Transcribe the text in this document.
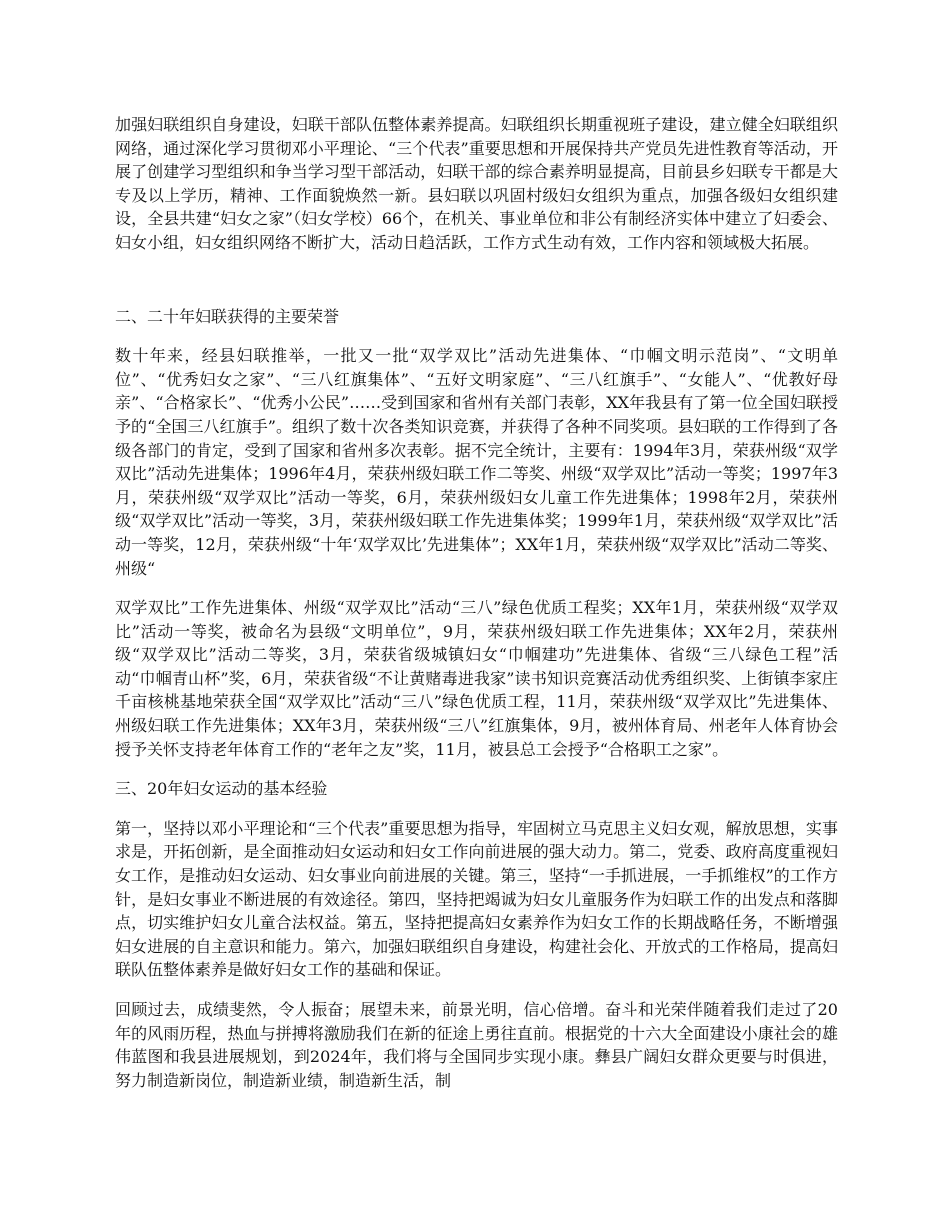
加强妇联组织自身建设，妇联干部队伍整体素养提高。妇联组织长期重视班子建设，建立健全妇联组织网络，通过深化学习贯彻邓小平理论、“三个代表”重要思想和开展保持共产党员先进性教育等活动，开展了创建学习型组织和争当学习型干部活动，妇联干部的综合素养明显提高，目前县乡妇联专干都是大专及以上学历，精神、工作面貌焕然一新。县妇联以巩固村级妇女组织为重点，加强各级妇女组织建设，全县共建“妇女之家”（妇女学校）66个，在机关、事业单位和非公有制经济实体中建立了妇委会、妇女小组，妇女组织网络不断扩大，活动日趋活跃，工作方式生动有效，工作内容和领域极大拓展。

二、二十年妇联获得的主要荣誉

数十年来，经县妇联推举，一批又一批“双学双比”活动先进集体、“巾帼文明示范岗”、“文明单位”、“优秀妇女之家”、“三八红旗集体”、“五好文明家庭”、“三八红旗手”、“女能人”、“优教好母亲”、“合格家长”、“优秀小公民”……受到国家和省州有关部门表彰，XX年我县有了第一位全国妇联授予的“全国三八红旗手”。组织了数十次各类知识竞赛，并获得了各种不同奖项。县妇联的工作得到了各级各部门的肯定，受到了国家和省州多次表彰。据不完全统计，主要有：1994年3月，荣获州级“双学双比”活动先进集体；1996年4月，荣获州级妇联工作二等奖、州级“双学双比”活动一等奖；1997年3月，荣获州级“双学双比”活动一等奖，6月，荣获州级妇女儿童工作先进集体；1998年2月，荣获州级“双学双比”活动一等奖，3月，荣获州级妇联工作先进集体奖；1999年1月，荣获州级“双学双比”活动一等奖，12月，荣获州级“十年‘双学双比’先进集体”；XX年1月，荣获州级“双学双比”活动二等奖、州级“

双学双比”工作先进集体、州级“双学双比”活动“三八”绿色优质工程奖；XX年1月，荣获州级“双学双比”活动一等奖，被命名为县级“文明单位”，9月，荣获州级妇联工作先进集体；XX年2月，荣获州级“双学双比”活动二等奖，3月，荣获省级城镇妇女“巾帼建功”先进集体、省级“三八绿色工程”活动“巾帼青山杯”奖，6月，荣获省级“不让黄赌毒进我家”读书知识竞赛活动优秀组织奖、上街镇李家庄千亩核桃基地荣获全国“双学双比”活动“三八”绿色优质工程，11月，荣获州级“双学双比”先进集体、州级妇联工作先进集体；XX年3月，荣获州级“三八”红旗集体，9月，被州体育局、州老年人体育协会授予关怀支持老年体育工作的“老年之友”奖，11月，被县总工会授予“合格职工之家”。

三、20年妇女运动的基本经验

第一，坚持以邓小平理论和“三个代表”重要思想为指导，牢固树立马克思主义妇女观，解放思想，实事求是，开拓创新，是全面推动妇女运动和妇女工作向前进展的强大动力。第二，党委、政府高度重视妇女工作，是推动妇女运动、妇女事业向前进展的关键。第三，坚持“一手抓进展，一手抓维权”的工作方针，是妇女事业不断进展的有效途径。第四，坚持把竭诚为妇女儿童服务作为妇联工作的出发点和落脚点，切实维护妇女儿童合法权益。第五，坚持把提高妇女素养作为妇女工作的长期战略任务，不断增强妇女进展的自主意识和能力。第六，加强妇联组织自身建设，构建社会化、开放式的工作格局，提高妇联队伍整体素养是做好妇女工作的基础和保证。

回顾过去，成绩斐然，令人振奋；展望未来，前景光明，信心倍增。奋斗和光荣伴随着我们走过了20年的风雨历程，热血与拼搏将激励我们在新的征途上勇往直前。根据党的十六大全面建设小康社会的雄伟蓝图和我县进展规划，到2024年，我们将与全国同步实现小康。彝县广阔妇女群众更要与时俱进，努力制造新岗位，制造新业绩，制造新生活，制
